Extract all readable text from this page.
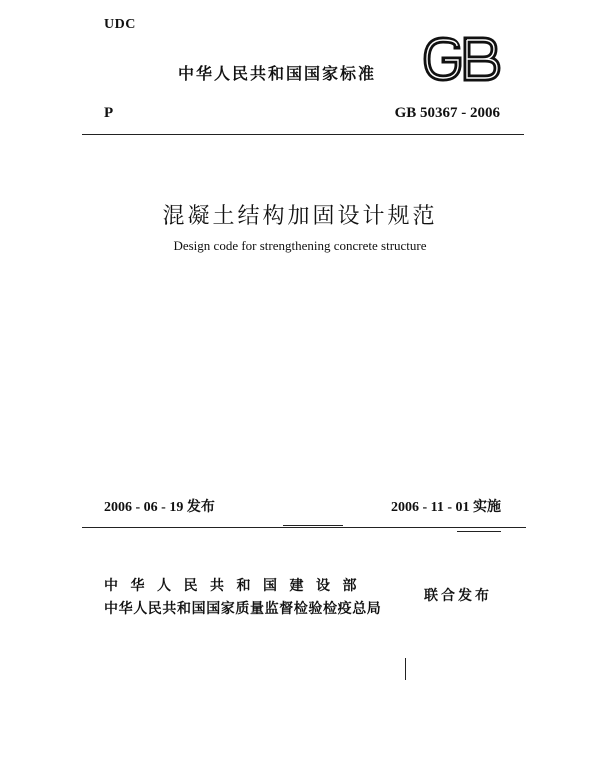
UDC
中华人民共和国国家标准
P	GB 50367 - 2006
混凝土结构加固设计规范
Design code for strengthening concrete structure
2006 - 06 - 19 发布	2006 - 11 - 01 实施
中华人民共和国建设部
中华人民共和国国家质量监督检验检疫总局
联合发布
